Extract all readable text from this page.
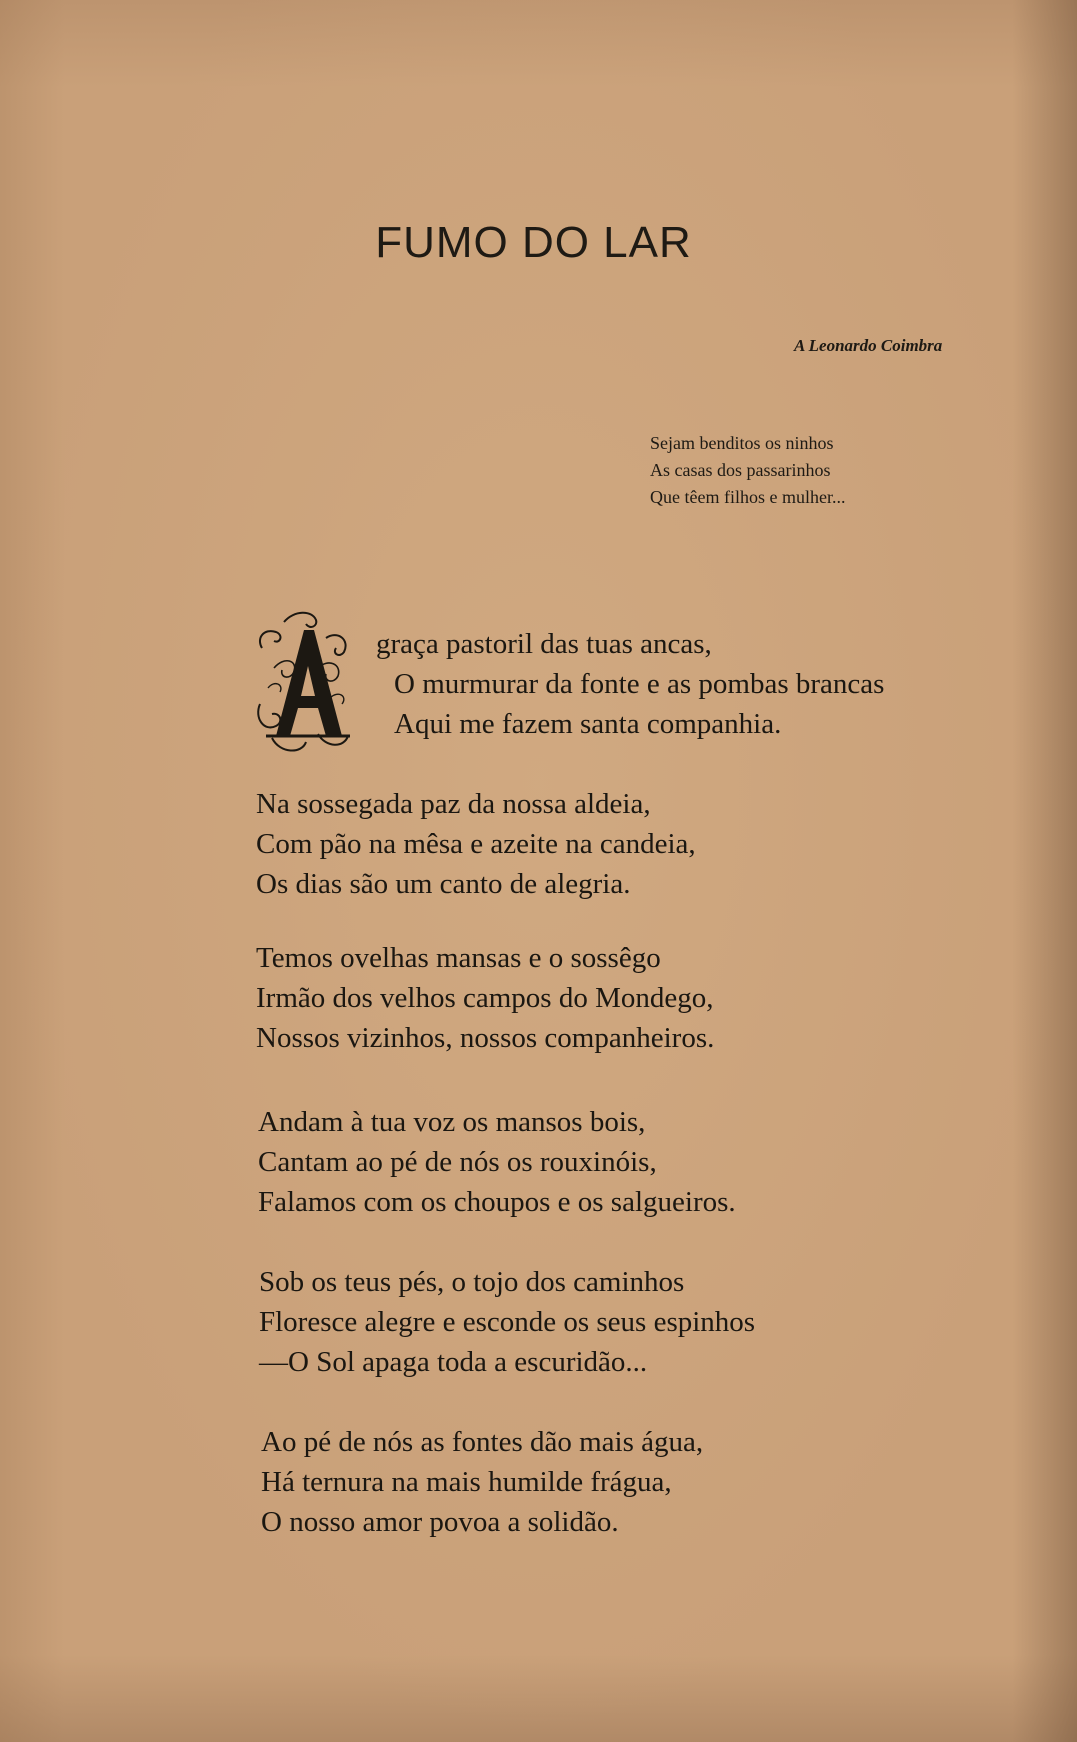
FUMO DO LAR
A Leonardo Coimbra
Sejam benditos os ninhos
As casas dos passarinhos
Que têem filhos e mulher...
graça pastoril das tuas ancas,
O murmurar da fonte e as pombas brancas
Aqui me fazem santa companhia.
Na sossegada paz da nossa aldeia,
Com pão na mêsa e azeite na candeia,
Os dias são um canto de alegria.
Temos ovelhas mansas e o sossêgo
Irmão dos velhos campos do Mondego,
Nossos vizinhos, nossos companheiros.
Andam à tua voz os mansos bois,
Cantam ao pé de nós os rouxinóis,
Falamos com os choupos e os salgueiros.
Sob os teus pés, o tojo dos caminhos
Floresce alegre e esconde os seus espinhos
—O Sol apaga toda a escuridão...
Ao pé de nós as fontes dão mais água,
Há ternura na mais humilde frágua,
O nosso amor povoa a solidão.
